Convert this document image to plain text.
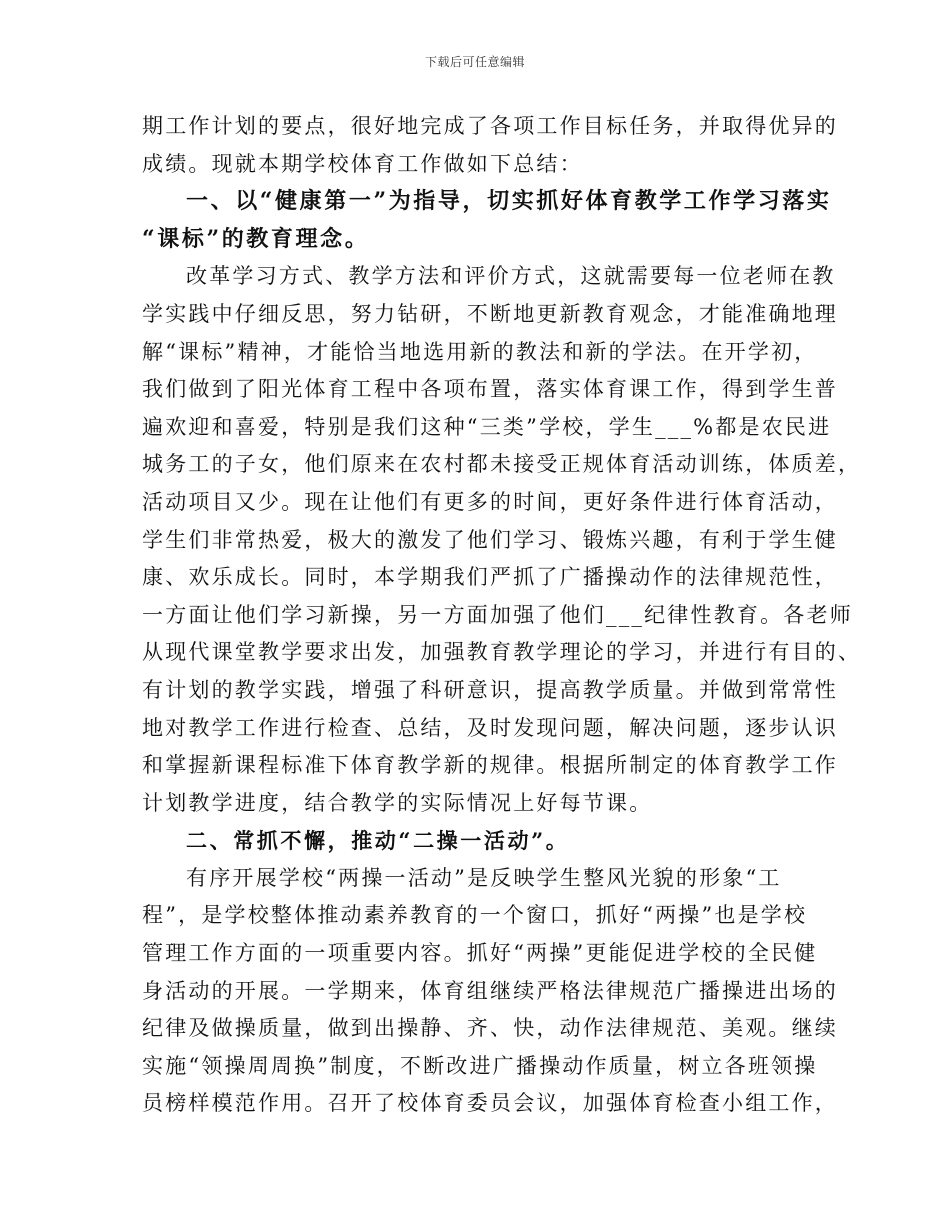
下载后可任意编辑
期工作计划的要点，很好地完成了各项工作目标任务，并取得优异的
成绩。现就本期学校体育工作做如下总结：
一、以“健康第一”为指导，切实抓好体育教学工作学习落实
“课标”的教育理念。
改革学习方式、教学方法和评价方式，这就需要每一位老师在教
学实践中仔细反思，努力钻研，不断地更新教育观念，才能准确地理
解“课标”精神，才能恰当地选用新的教法和新的学法。在开学初，
我们做到了阳光体育工程中各项布置，落实体育课工作，得到学生普
遍欢迎和喜爱，特别是我们这种“三类”学校，学生___%都是农民进
城务工的子女，他们原来在农村都未接受正规体育活动训练，体质差，
活动项目又少。现在让他们有更多的时间，更好条件进行体育活动，
学生们非常热爱，极大的激发了他们学习、锻炼兴趣，有利于学生健
康、欢乐成长。同时，本学期我们严抓了广播操动作的法律规范性，
一方面让他们学习新操，另一方面加强了他们___纪律性教育。各老师
从现代课堂教学要求出发，加强教育教学理论的学习，并进行有目的、
有计划的教学实践，增强了科研意识，提高教学质量。并做到常常性
地对教学工作进行检查、总结，及时发现问题，解决问题，逐步认识
和掌握新课程标准下体育教学新的规律。根据所制定的体育教学工作
计划教学进度，结合教学的实际情况上好每节课。
二、常抓不懈，推动“二操一活动”。
有序开展学校“两操一活动”是反映学生整风光貌的形象“工
程”，是学校整体推动素养教育的一个窗口，抓好“两操”也是学校
管理工作方面的一项重要内容。抓好“两操”更能促进学校的全民健
身活动的开展。一学期来，体育组继续严格法律规范广播操进出场的
纪律及做操质量，做到出操静、齐、快，动作法律规范、美观。继续
实施“领操周周换”制度，不断改进广播操动作质量，树立各班领操
员榜样模范作用。召开了校体育委员会议，加强体育检查小组工作，
